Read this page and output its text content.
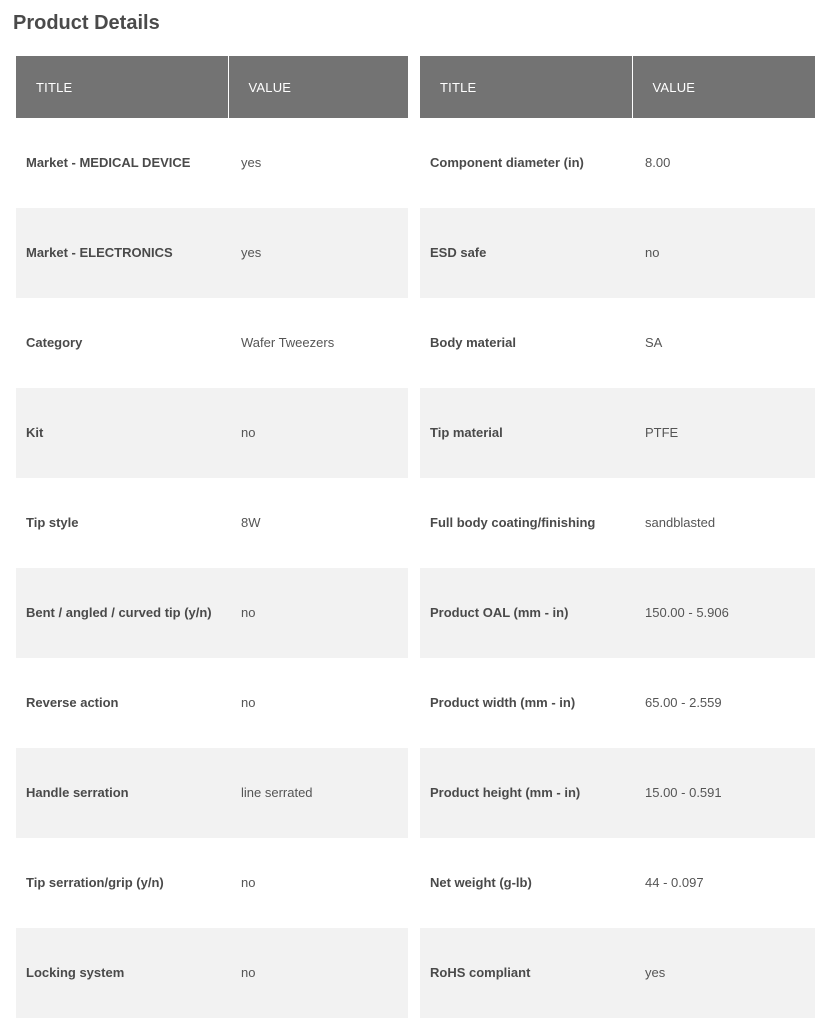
Product Details
TITLE	VALUE
Market - MEDICAL DEVICE	yes
Market - ELECTRONICS	yes
Category	Wafer Tweezers
Kit	no
Tip style	8W
Bent / angled / curved tip (y/n)	no
Reverse action	no
Handle serration	line serrated
Tip serration/grip (y/n)	no
Locking system	no
TITLE	VALUE
Component diameter (in)	8.00
ESD safe	no
Body material	SA
Tip material	PTFE
Full body coating/finishing	sandblasted
Product OAL (mm - in)	150.00 - 5.906
Product width (mm - in)	65.00 - 2.559
Product height (mm - in)	15.00 - 0.591
Net weight (g-lb)	44 - 0.097
RoHS compliant	yes
